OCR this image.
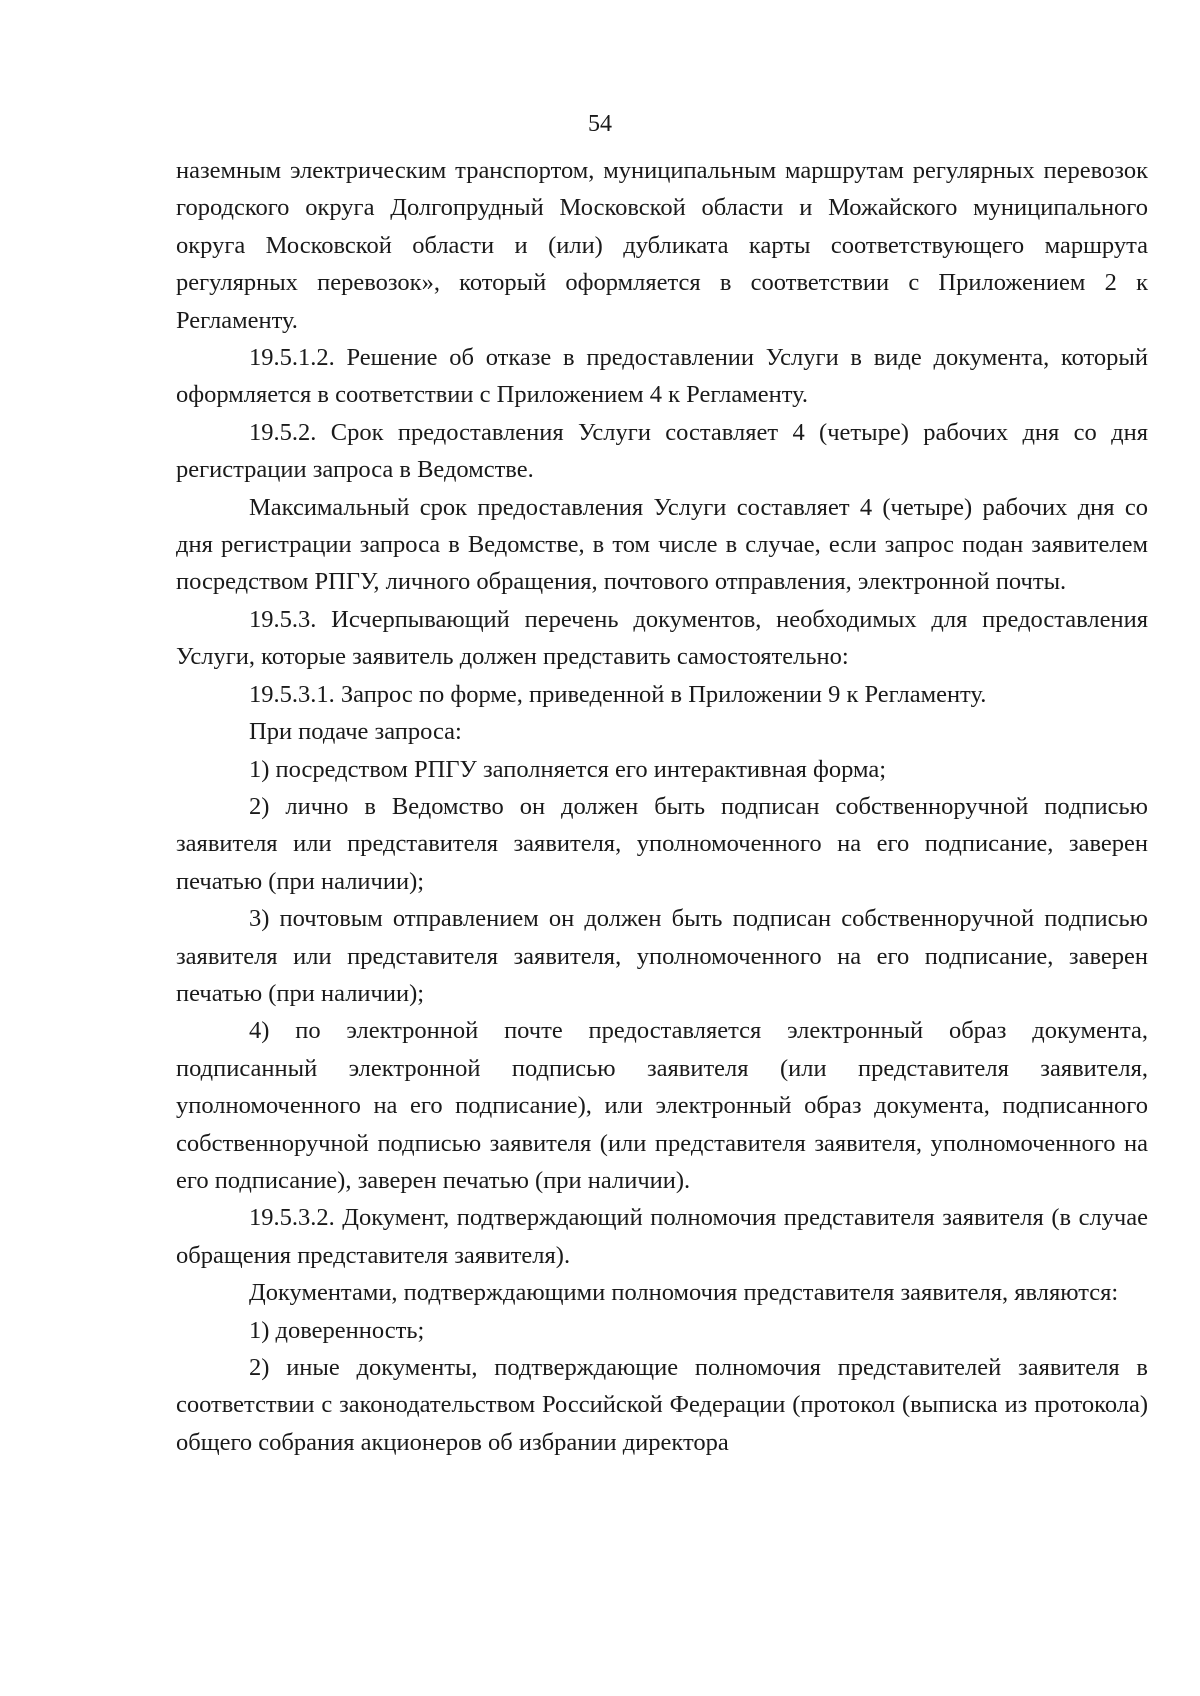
54

наземным электрическим транспортом, муниципальным маршрутам регулярных перевозок городского округа Долгопрудный Московской области и Можайского муниципального округа Московской области и (или) дубликата карты соответствующего маршрута регулярных перевозок», который оформляется в соответствии с Приложением 2 к Регламенту.

19.5.1.2. Решение об отказе в предоставлении Услуги в виде документа, который оформляется в соответствии с Приложением 4 к Регламенту.

19.5.2. Срок предоставления Услуги составляет 4 (четыре) рабочих дня со дня регистрации запроса в Ведомстве.

Максимальный срок предоставления Услуги составляет 4 (четыре) рабочих дня со дня регистрации запроса в Ведомстве, в том числе в случае, если запрос подан заявителем посредством РПГУ, личного обращения, почтового отправления, электронной почты.

19.5.3. Исчерпывающий перечень документов, необходимых для предоставления Услуги, которые заявитель должен представить самостоятельно:

19.5.3.1. Запрос по форме, приведенной в Приложении 9 к Регламенту.

При подаче запроса:

1) посредством РПГУ заполняется его интерактивная форма;

2) лично в Ведомство он должен быть подписан собственноручной подписью заявителя или представителя заявителя, уполномоченного на его подписание, заверен печатью (при наличии);

3) почтовым отправлением он должен быть подписан собственноручной подписью заявителя или представителя заявителя, уполномоченного на его подписание, заверен печатью (при наличии);

4) по электронной почте предоставляется электронный образ документа, подписанный электронной подписью заявителя (или представителя заявителя, уполномоченного на его подписание), или электронный образ документа, подписанного собственноручной подписью заявителя (или представителя заявителя, уполномоченного на его подписание), заверен печатью (при наличии).

19.5.3.2. Документ, подтверждающий полномочия представителя заявителя (в случае обращения представителя заявителя).

Документами, подтверждающими полномочия представителя заявителя, являются:

1) доверенность;

2) иные документы, подтверждающие полномочия представителей заявителя в соответствии с законодательством Российской Федерации (протокол (выписка из протокола) общего собрания акционеров об избрании директора
